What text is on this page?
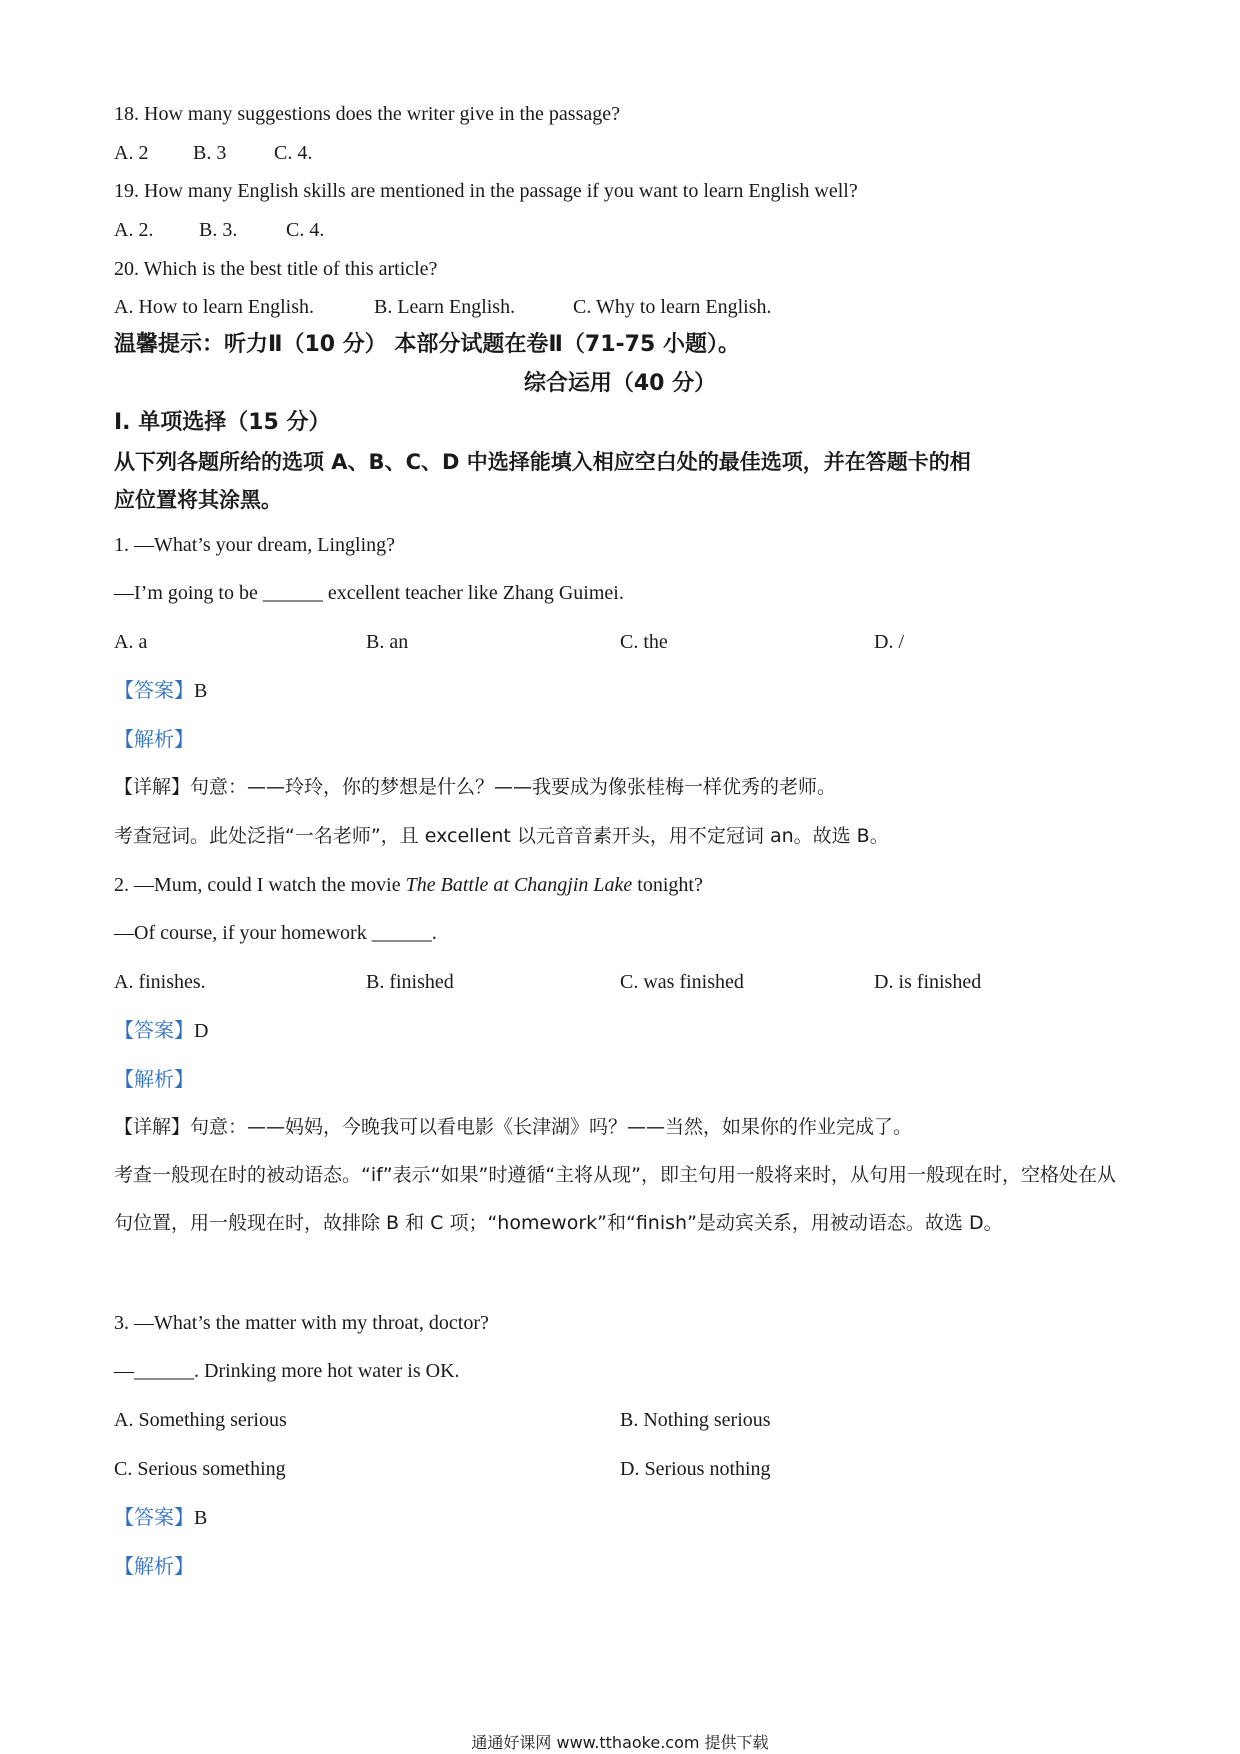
18. How many suggestions does the writer give in the passage?
A. 2 B. 3 C. 4.
19. How many English skills are mentioned in the passage if you want to learn English well?
A. 2. B. 3. C. 4.
20. Which is the best title of this article?
A. How to learn English.	B. Learn English.	C. Why to learn English.
温馨提示：听力Ⅱ（10 分） 本部分试题在卷Ⅱ（71-75 小题）。
综合运用（40 分）
Ⅰ. 单项选择（15 分）
从下列各题所给的选项 A、B、C、D 中选择能填入相应空白处的最佳选项，并在答题卡的相
应位置将其涂黑。
1. —What’s your dream, Lingling?
—I’m going to be ______ excellent teacher like Zhang Guimei.
A. a	B. an	C. the	D. /
【答案】B
【解析】
【详解】句意：——玲玲，你的梦想是什么？——我要成为像张桂梅一样优秀的老师。
考查冠词。此处泛指“一名老师”，且 excellent 以元音音素开头，用不定冠词 an。故选 B。
2. —Mum, could I watch the movie The Battle at Changjin Lake tonight?
—Of course, if your homework ______.
A. finishes.	B. finished	C. was finished	D. is finished
【答案】D
【解析】
【详解】句意：——妈妈，今晚我可以看电影《长津湖》吗？——当然，如果你的作业完成了。
考查一般现在时的被动语态。“if”表示“如果”时遵循“主将从现”，即主句用一般将来时，从句用一般现在时，空格处在从句位置，用一般现在时，故排除 B 和 C 项；“homework”和“finish”是动宾关系，用被动语态。故选 D。
3. —What’s the matter with my throat, doctor?
—______. Drinking more hot water is OK.
A. Something serious	B. Nothing serious
C. Serious something	D. Serious nothing
【答案】B
【解析】
通通好课网 www.tthaoke.com 提供下载
